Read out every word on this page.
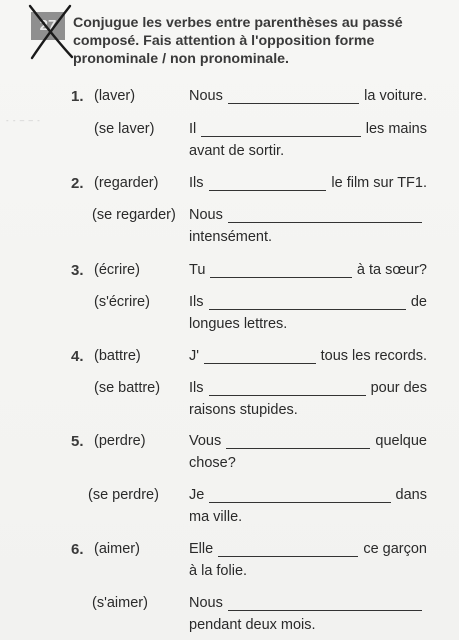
27	Conjugue les verbes entre parenthèses au passé composé. Fais attention à l'opposition forme pronominale / non pronominale.

- - ‒ ‒ -
1. (laver)	Nous	la voiture.
(se laver) Il	les mains
avant de sortir.
2. (regarder) Ils	le film sur TF1.
(se regarder) Nous
intensément.
3. (écrire)	Tu	à ta sœur?
(s'écrire)	Ils	de
longues lettres.
4. (battre)	J'	tous les records.
(se battre) Ils	pour des
raisons stupides.
5. (perdre)	Vous	quelque
chose?
(se perdre) Je	dans
ma ville.
6. (aimer)	Elle	ce garçon
à la folie.
(s'aimer)	Nous
pendant deux mois.
